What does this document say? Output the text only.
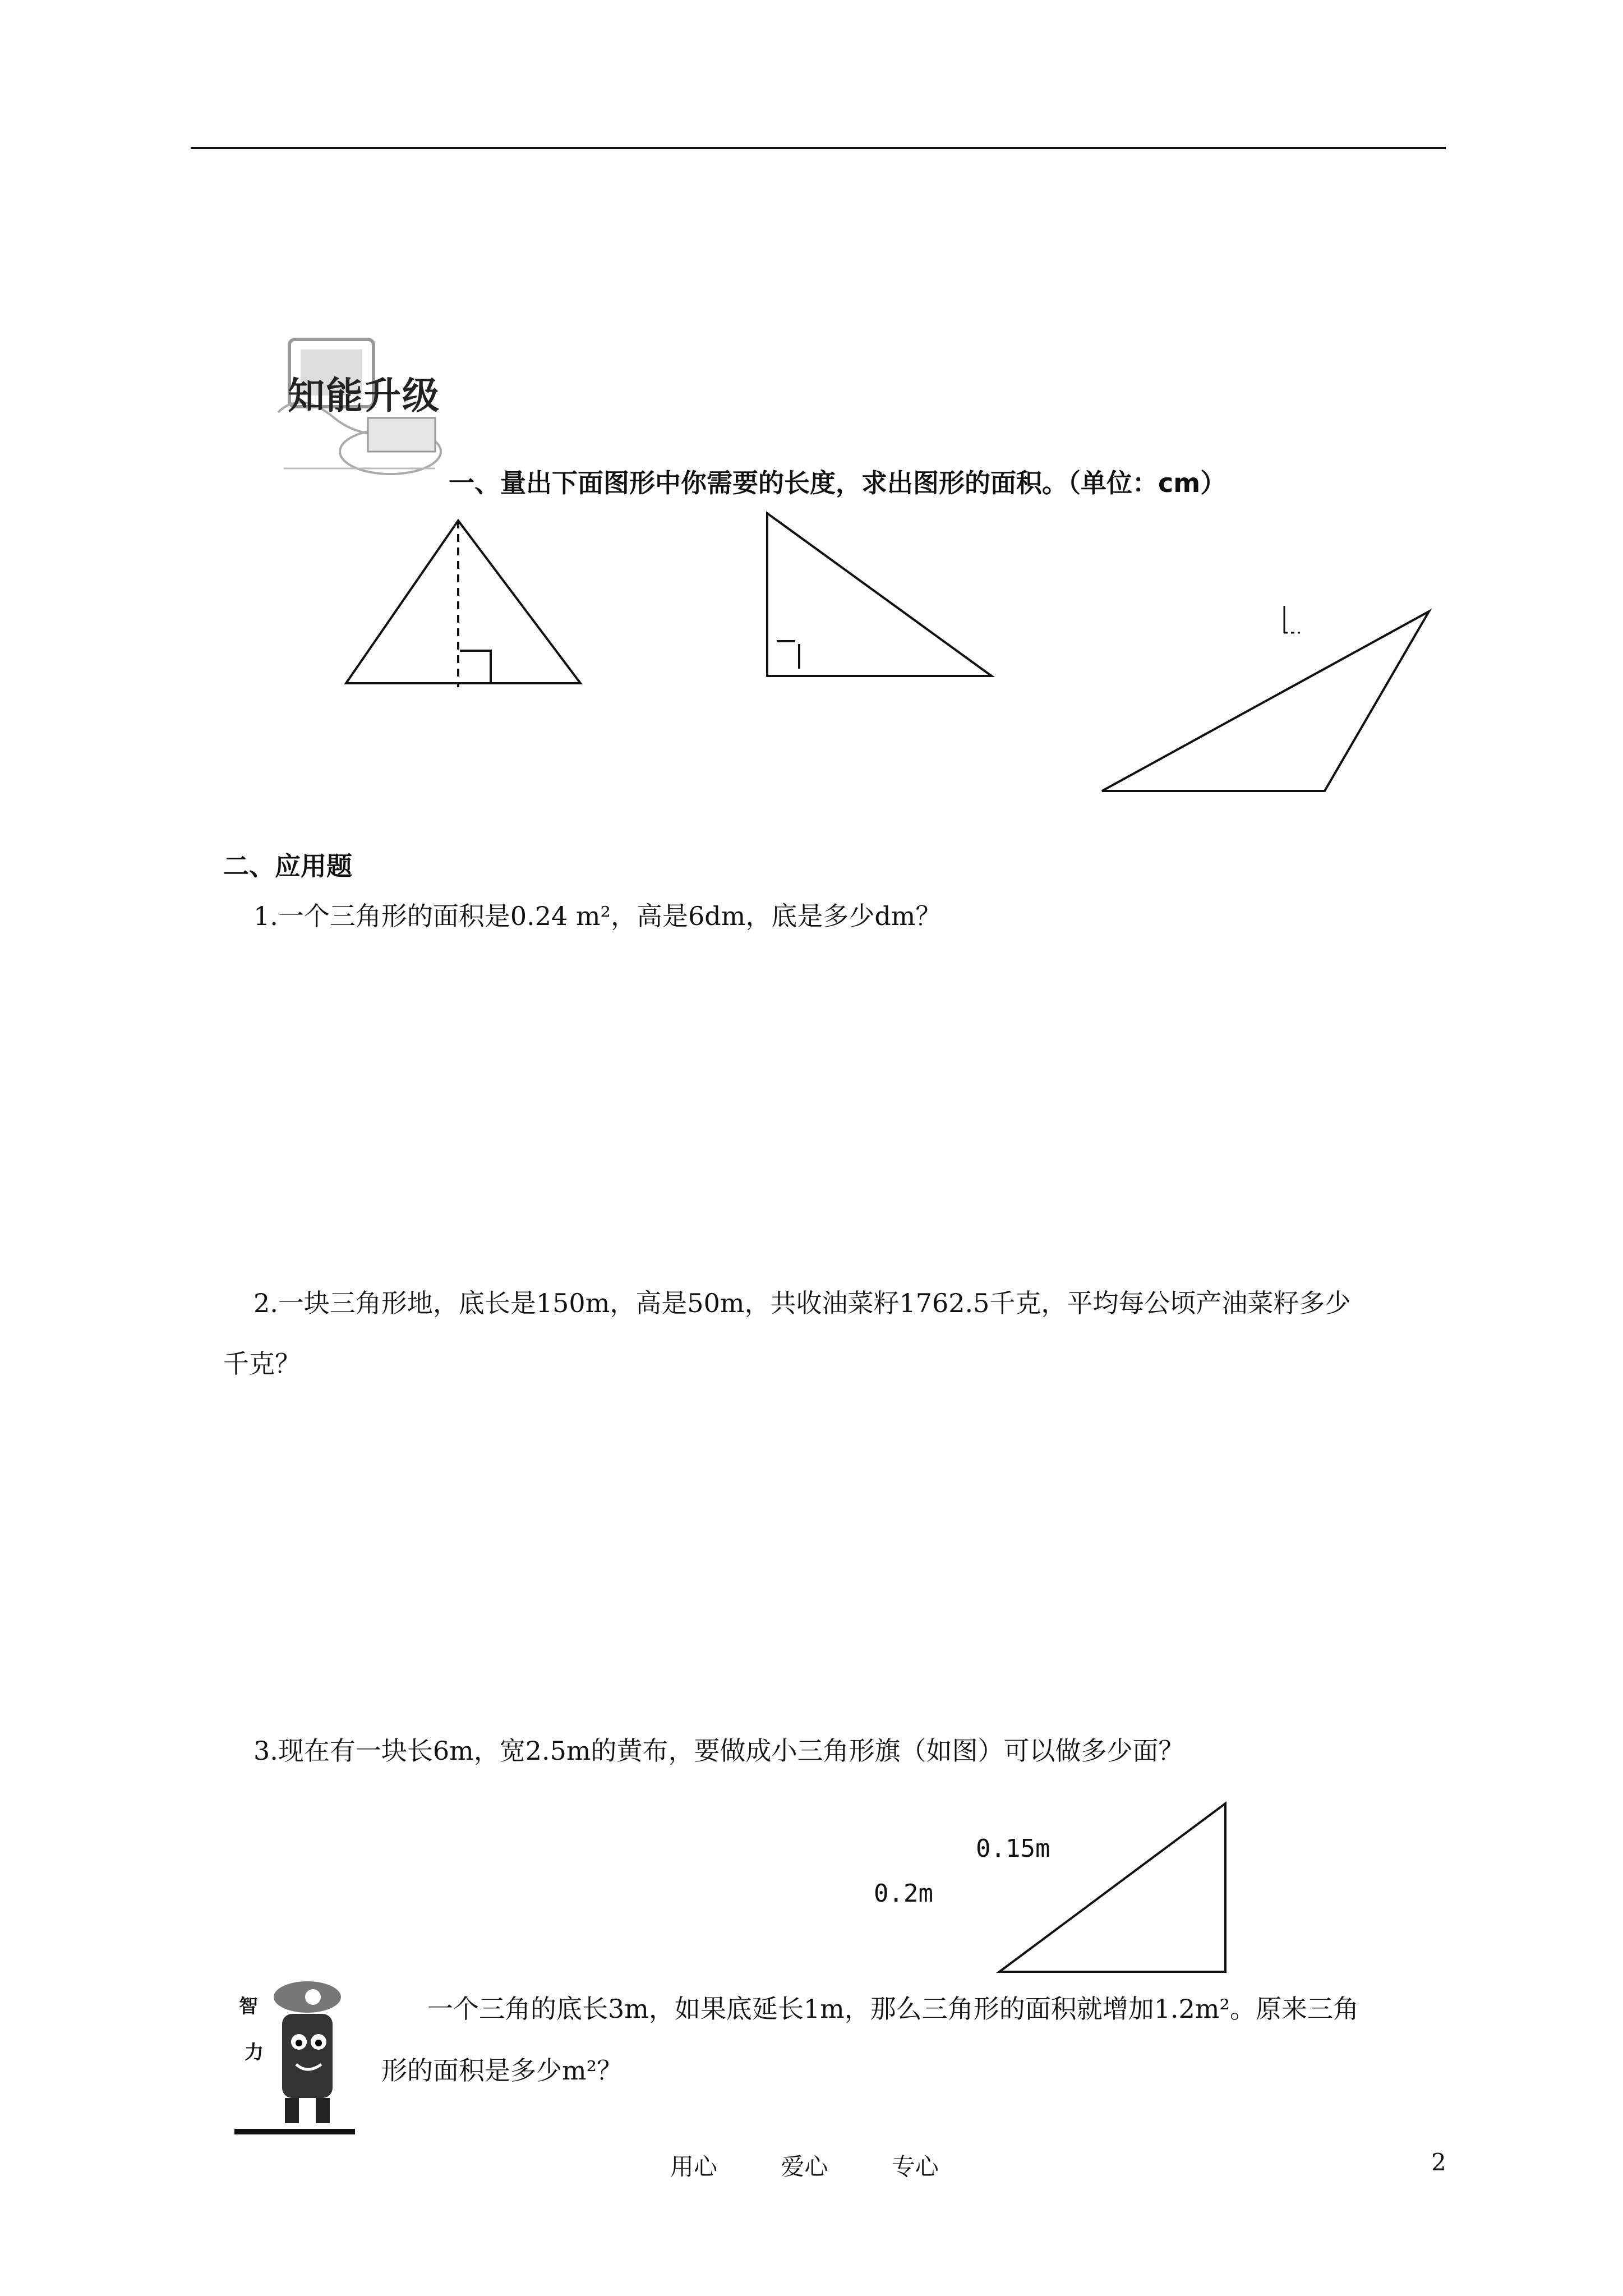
知能升级
一、量出下面图形中你需要的长度，求出图形的面积。（单位：cm）
二、应用题
1.一个三角形的面积是0.24 m²，高是6dm，底是多少dm？
2.一块三角形地，底长是150m，高是50m，共收油菜籽1762.5千克，平均每公顷产油菜籽多少
千克？
3.现在有一块长6m，宽2.5m的黄布，要做成小三角形旗（如图）可以做多少面？
0.15m
0.2m
智
力
一个三角的底长3m，如果底延长1m，那么三角形的面积就增加1.2m²。原来三角
形的面积是多少m²？
用心	爱心	专心	2
